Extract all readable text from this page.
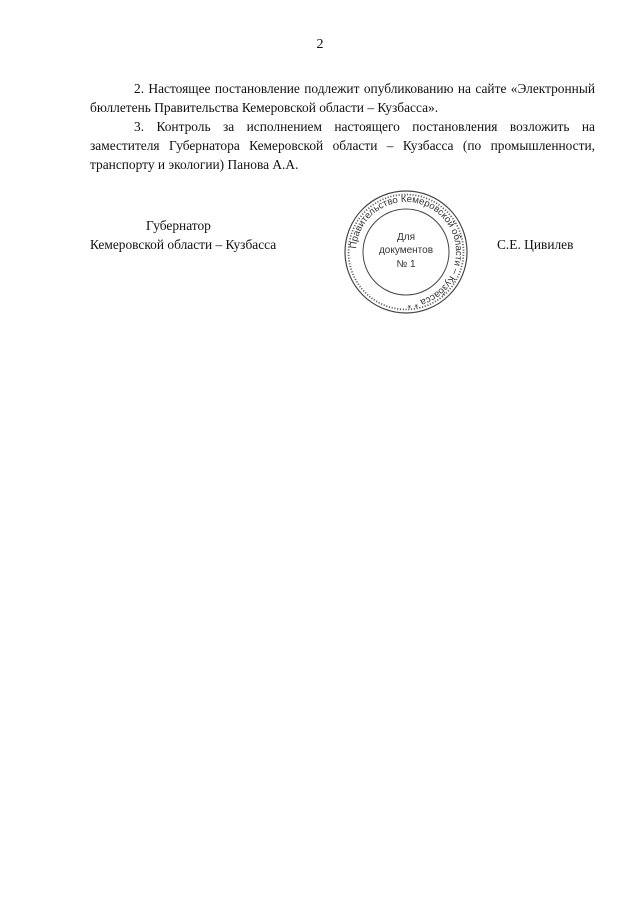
2

2. Настоящее постановление подлежит опубликованию на сайте «Электронный бюллетень Правительства Кемеровской области – Кузбасса».

3. Контроль за исполнением настоящего постановления возложить на заместителя Губернатора Кемеровской области – Кузбасса (по промышленности, транспорту и экологии) Панова А.А.

Губернатор
Кемеровской области – Кузбасса	Правительство Кемеровской области – Кузбасса * *
Для
документов
№ 1
С.Е. Цивилев
